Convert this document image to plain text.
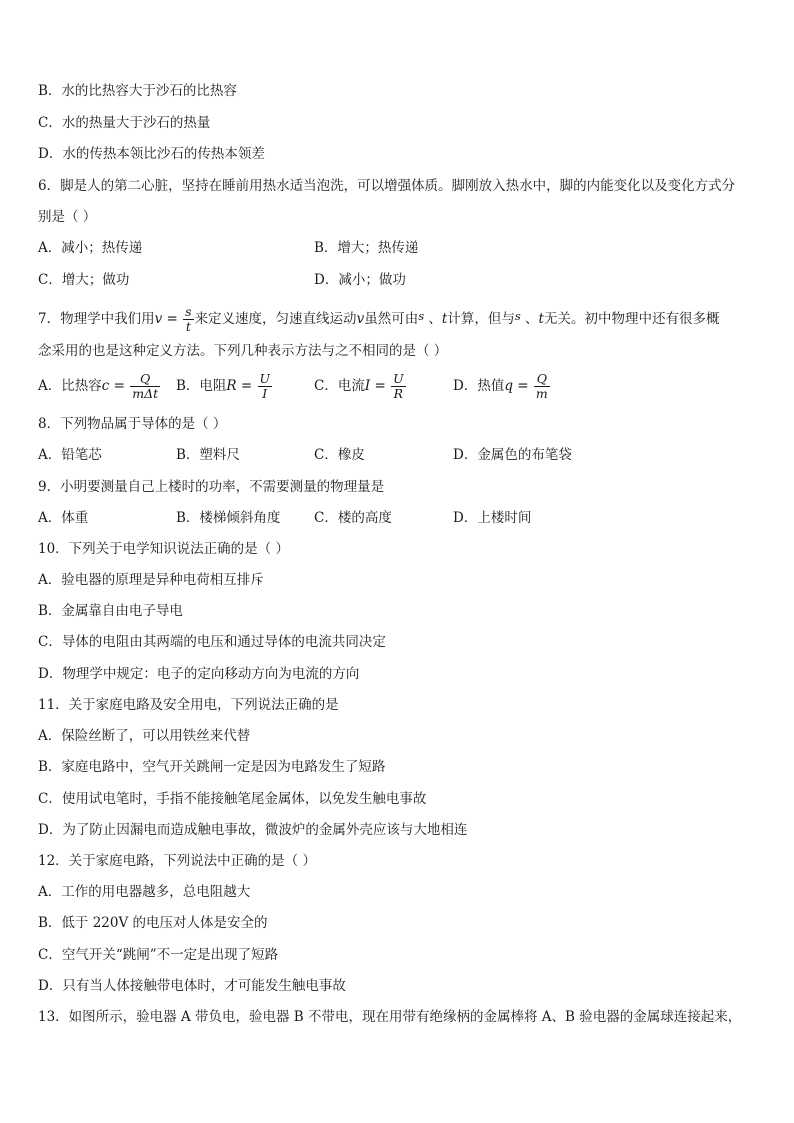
B．水的比热容大于沙石的比热容
C．水的热量大于沙石的热量
D．水的传热本领比沙石的传热本领差
6．脚是人的第二心脏，坚持在睡前用热水适当泡洗，可以增强体质。脚刚放入热水中，脚的内能变化以及变化方式分
别是（ ）
A．减小；热传递	B．增大；热传递
C．增大；做功	D．减小；做功
7．物理学中我们用$v = \frac{s}{t}$ 来定义速度，匀速直线运动v虽然可由s 、t计算，但与s 、t无关。初中物理中还有很多概
念采用的也是这种定义方法。下列几种表示方法与之不相同的是（ ）
A．比热容$c = \frac{Q}{\text{mΔt}}$ B．电阻$R = \frac{U}{I}$	C．电流$I = \frac{U}{R}$	D．热值$q = \frac{Q}{m}$
8．下列物品属于导体的是（ ）
A．铅笔芯	B．塑料尺	C．橡皮	D．金属色的布笔袋
9．小明要测量自己上楼时的功率，不需要测量的物理量是
A．体重	B．楼梯倾斜角度 C．楼的高度	D．上楼时间
10．下列关于电学知识说法正确的是（ ）
A．验电器的原理是异种电荷相互排斥
B．金属靠自由电子导电
C．导体的电阻由其两端的电压和通过导体的电流共同决定
D．物理学中规定：电子的定向移动方向为电流的方向
11．关于家庭电路及安全用电，下列说法正确的是
A．保险丝断了，可以用铁丝来代替
B．家庭电路中，空气开关跳闸一定是因为电路发生了短路
C．使用试电笔时，手指不能接触笔尾金属体，以免发生触电事故
D．为了防止因漏电而造成触电事故，微波炉的金属外壳应该与大地相连
12．关于家庭电路，下列说法中正确的是（ ）
A．工作的用电器越多，总电阻越大
B．低于 220V 的电压对人体是安全的
C．空气开关“跳闸”不一定是出现了短路
D．只有当人体接触带电体时，才可能发生触电事故
13．如图所示，验电器 A 带负电，验电器 B 不带电，现在用带有绝缘柄的金属棒将 A、B 验电器的金属球连接起来，
